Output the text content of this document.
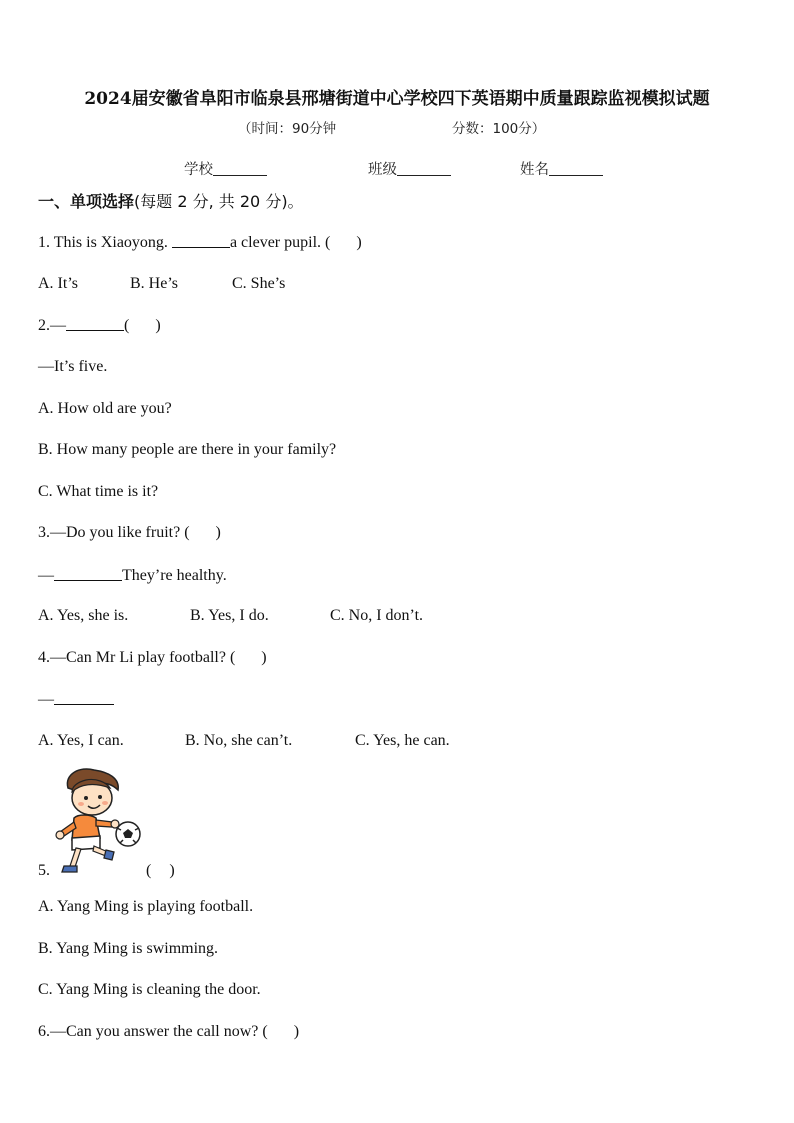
2024届安徽省阜阳市临泉县邢塘街道中心学校四下英语期中质量跟踪监视模拟试题
（时间：90分钟	分数：100分）
学校	班级	姓名
一、单项选择(每题 2 分, 共 20 分)。
1. This is Xiaoyong.	a clever pupil. ( )
A. It’s	B. He’s	C. She’s
2.—	( )
—It’s five.
A. How old are you?
B. How many people are there in your family?
C. What time is it?
3.—Do you like fruit? ( )
—	They’re healthy.
A. Yes, she is.	B. Yes, I do.	C. No, I don’t.
4.—Can Mr Li play football? ( )
—
A. Yes, I can.	B. No, she can’t.	C. Yes, he can.
5.	( )
A. Yang Ming is playing football.
B. Yang Ming is swimming.
C. Yang Ming is cleaning the door.
6.—Can you answer the call now? ( )
